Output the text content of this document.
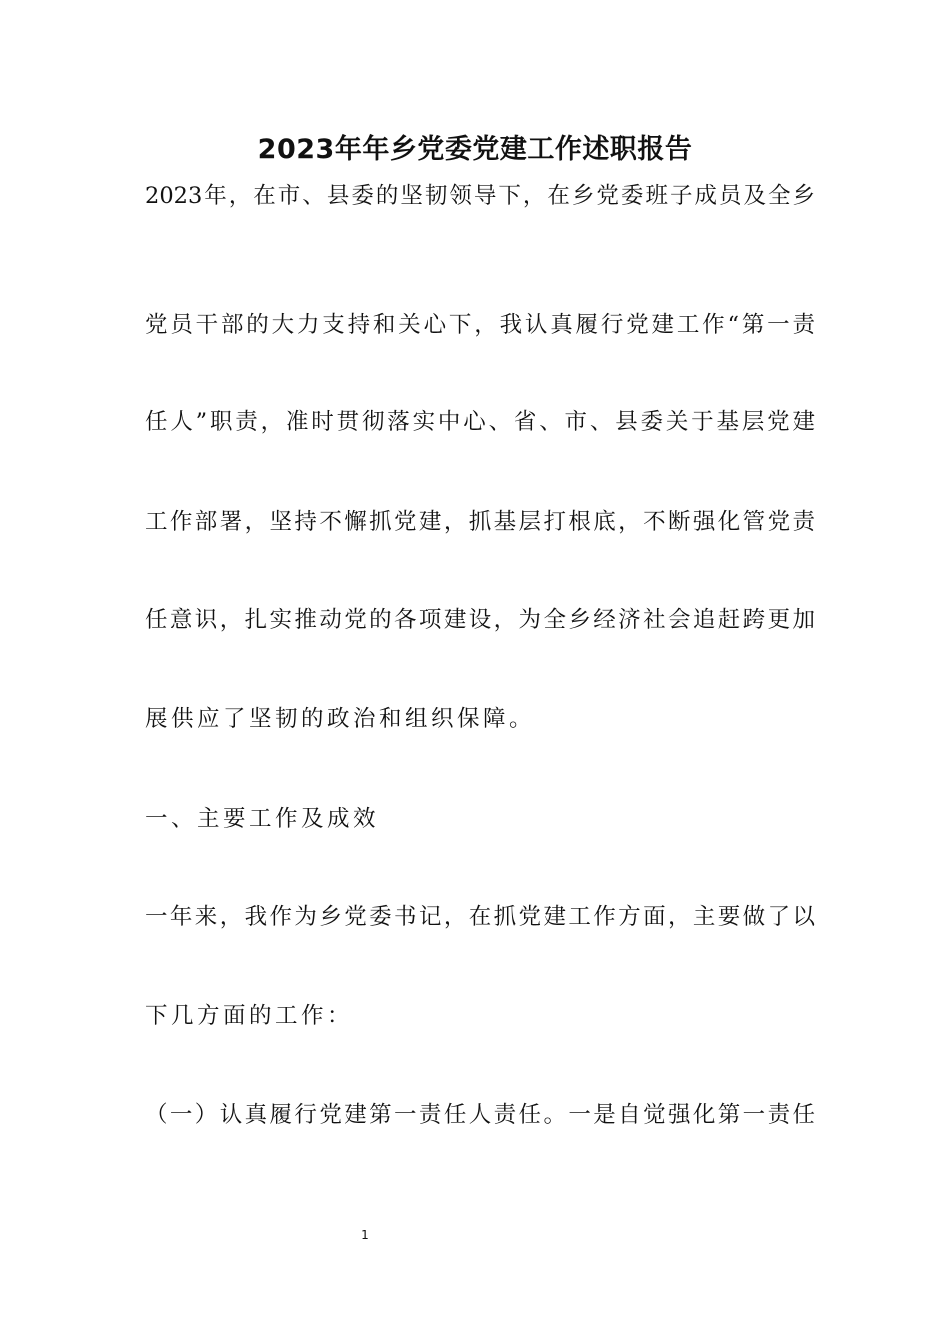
2023年年乡党委党建工作述职报告

2023年，在市、县委的坚韧领导下，在乡党委班子成员及全乡

党员干部的大力支持和关心下，我认真履行党建工作“第一责

任人”职责，准时贯彻落实中心、省、市、县委关于基层党建

工作部署，坚持不懈抓党建，抓基层打根底，不断强化管党责

任意识，扎实推动党的各项建设，为全乡经济社会追赶跨更加

展供应了坚韧的政治和组织保障。

一、主要工作及成效

一年来，我作为乡党委书记，在抓党建工作方面，主要做了以

下几方面的工作：

（一）认真履行党建第一责任人责任。一是自觉强化第一责任

1
